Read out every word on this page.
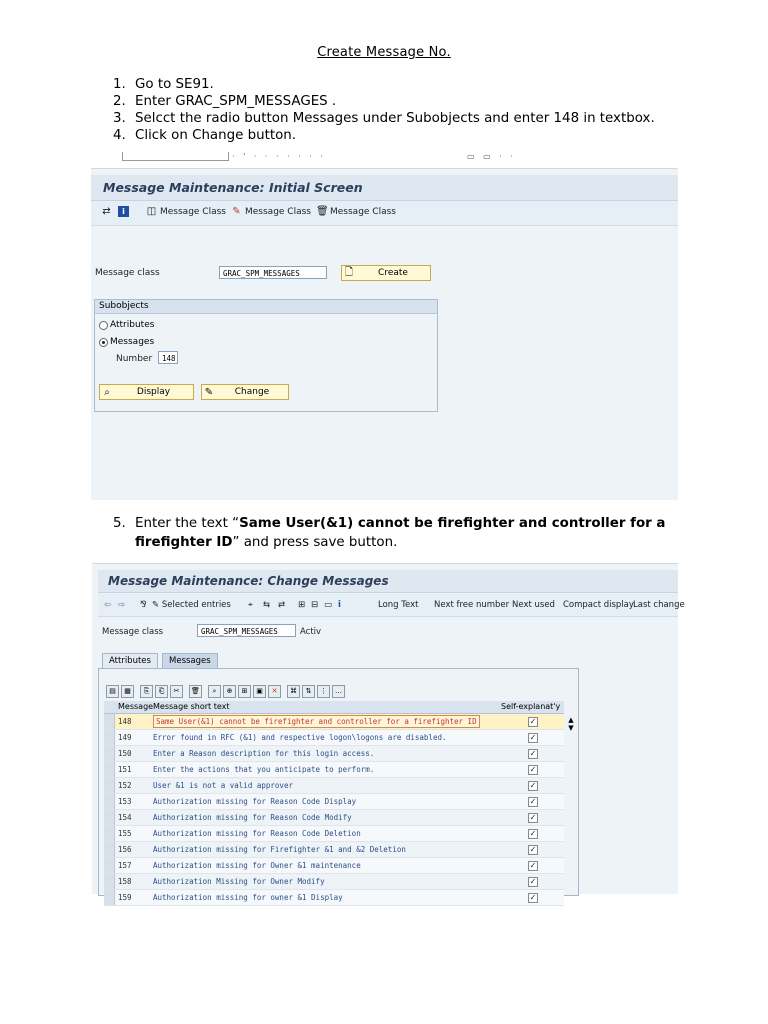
Create Message No.
1. Go to SE91.
2. Enter GRAC_SPM_MESSAGES .
3. Selcct the radio button Messages under Subobjects and enter 148 in textbox.
4. Click on Change button.
· ' · · · · · · ·	▭ ▭ · ·
Message Maintenance: Initial Screen
⇄	i	◫ Message Class ✎ Message Class 🗑 Message Class
Message class	GRAC_SPM_MESSAGES	🗋	Create
Subobjects
Attributes
Messages
Number	148
⌕	Display	✎	Change
5. Enter the text “Same User(&1) cannot be firefighter and controller for a firefighter ID” and press save button.
Message Maintenance: Change Messages
⇦ ⇨ ⅋ ✎ Selected entries ⌖ ⇆ ⇄ ⊞ ⊟ ▭ i	Long Text Next free number Next used Compact display Last change
Message class	GRAC_SPM_MESSAGES	Activ
Attributes	Messages
▤	▦	⎘	⎗	✂	🗑	⌕	⊕	⊞	▣	✕	⌘	⇅	⋮	…
Message Message short text	Self-explanat'y
148	Same User(&1) cannot be firefighter and controller for a firefighter ID	✓
149	Error found in RFC (&1) and respective logon\logons are disabled.	✓
150	Enter a Reason description for this login access.	✓
151	Enter the actions that you anticipate to perform.	✓
152	User &1 is not a valid approver	✓
153	Authorization missing for Reason Code Display	✓
154	Authorization missing for Reason Code Modify	✓
155	Authorization missing for Reason Code Deletion	✓
156	Authorization missing for Firefighter &1 and &2 Deletion	✓
157	Authorization missing for Owner &1 maintenance	✓
158	Authorization Missing for Owner Modify	✓
159	Authorization missing for owner &1 Display	✓
▲
▼
